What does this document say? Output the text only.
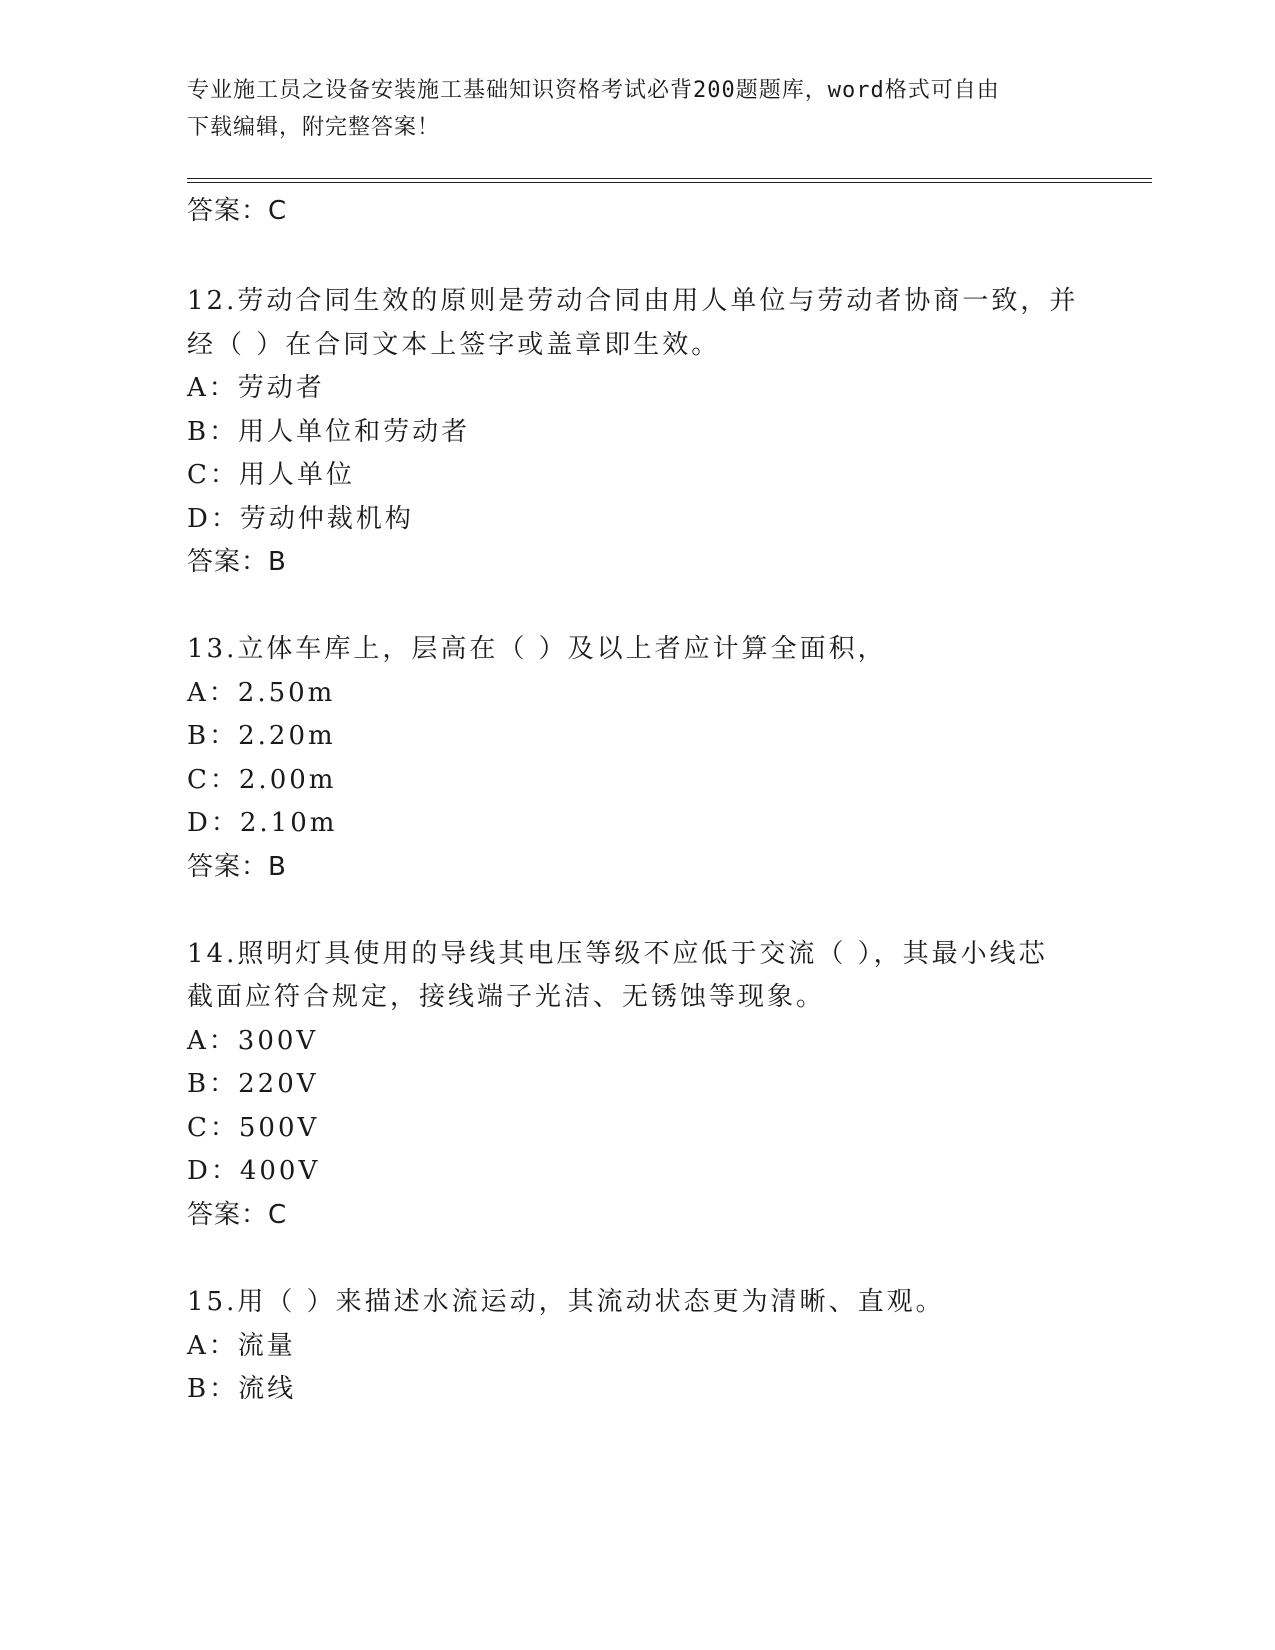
专业施工员之设备安装施工基础知识资格考试必背200题题库，word格式可自由
下载编辑，附完整答案！
答案：C
12.劳动合同生效的原则是劳动合同由用人单位与劳动者协商一致，并
经（ ）在合同文本上签字或盖章即生效。
A：劳动者
B：用人单位和劳动者
C：用人单位
D：劳动仲裁机构
答案：B
13.立体车库上，层高在（ ）及以上者应计算全面积，
A：2.50m
B：2.20m
C：2.00m
D：2.10m
答案：B
14.照明灯具使用的导线其电压等级不应低于交流（ ），其最小线芯
截面应符合规定，接线端子光洁、无锈蚀等现象。
A：300V
B：220V
C：500V
D：400V
答案：C
15.用（ ）来描述水流运动，其流动状态更为清晰、直观。
A：流量
B：流线
